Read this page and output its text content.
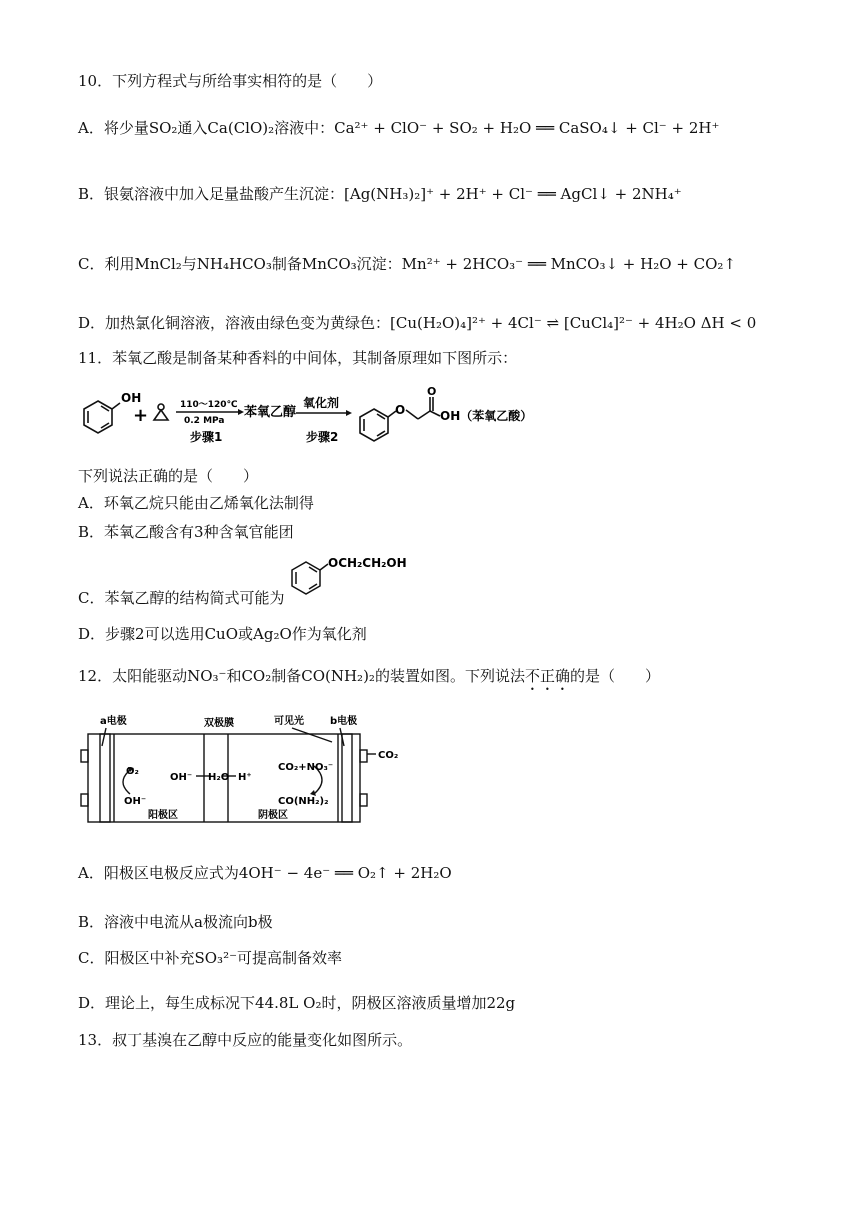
10．下列方程式与所给事实相符的是（　　）
A．将少量SO₂通入Ca(ClO)₂溶液中：Ca²⁺ + ClO⁻ + SO₂ + H₂O ══ CaSO₄↓ + Cl⁻ + 2H⁺
B．银氨溶液中加入足量盐酸产生沉淀：[Ag(NH₃)₂]⁺ + 2H⁺ + Cl⁻ ══ AgCl↓ + 2NH₄⁺
C．利用MnCl₂与NH₄HCO₃制备MnCO₃沉淀：Mn²⁺ + 2HCO₃⁻ ══ MnCO₃↓ + H₂O + CO₂↑
D．加热氯化铜溶液，溶液由绿色变为黄绿色：[Cu(H₂O)₄]²⁺ + 4Cl⁻ ⇌ [CuCl₄]²⁻ + 4H₂O ΔH < 0
11．苯氧乙酸是制备某种香料的中间体，其制备原理如下图所示：
OH
+	110～120℃
0.2 MPa
步骤1
苯氧乙醇
氧化剂
步骤2
O
O
OH（苯氧乙酸）
下列说法正确的是（　　）
A．环氧乙烷只能由乙烯氧化法制得
B．苯氧乙酸含有3种含氧官能团
OCH₂CH₂OH
C．苯氧乙醇的结构简式可能为
D．步骤2可以选用CuO或Ag₂O作为氧化剂
12．太阳能驱动NO₃⁻和CO₂制备CO(NH₂)₂的装置如图。下列说法不正确的是（　　）
a电极	双极膜	可见光	b电极
CO₂
O₂
OH⁻
OH⁻ H₂O H⁺
CO₂+NO₃⁻
CO(NH₂)₂
阳极区	阴极区
A．阳极区电极反应式为4OH⁻ − 4e⁻ ══ O₂↑ + 2H₂O
B．溶液中电流从a极流向b极
C．阳极区中补充SO₃²⁻可提高制备效率
D．理论上，每生成标况下44.8L O₂时，阴极区溶液质量增加22g
13．叔丁基溴在乙醇中反应的能量变化如图所示。
